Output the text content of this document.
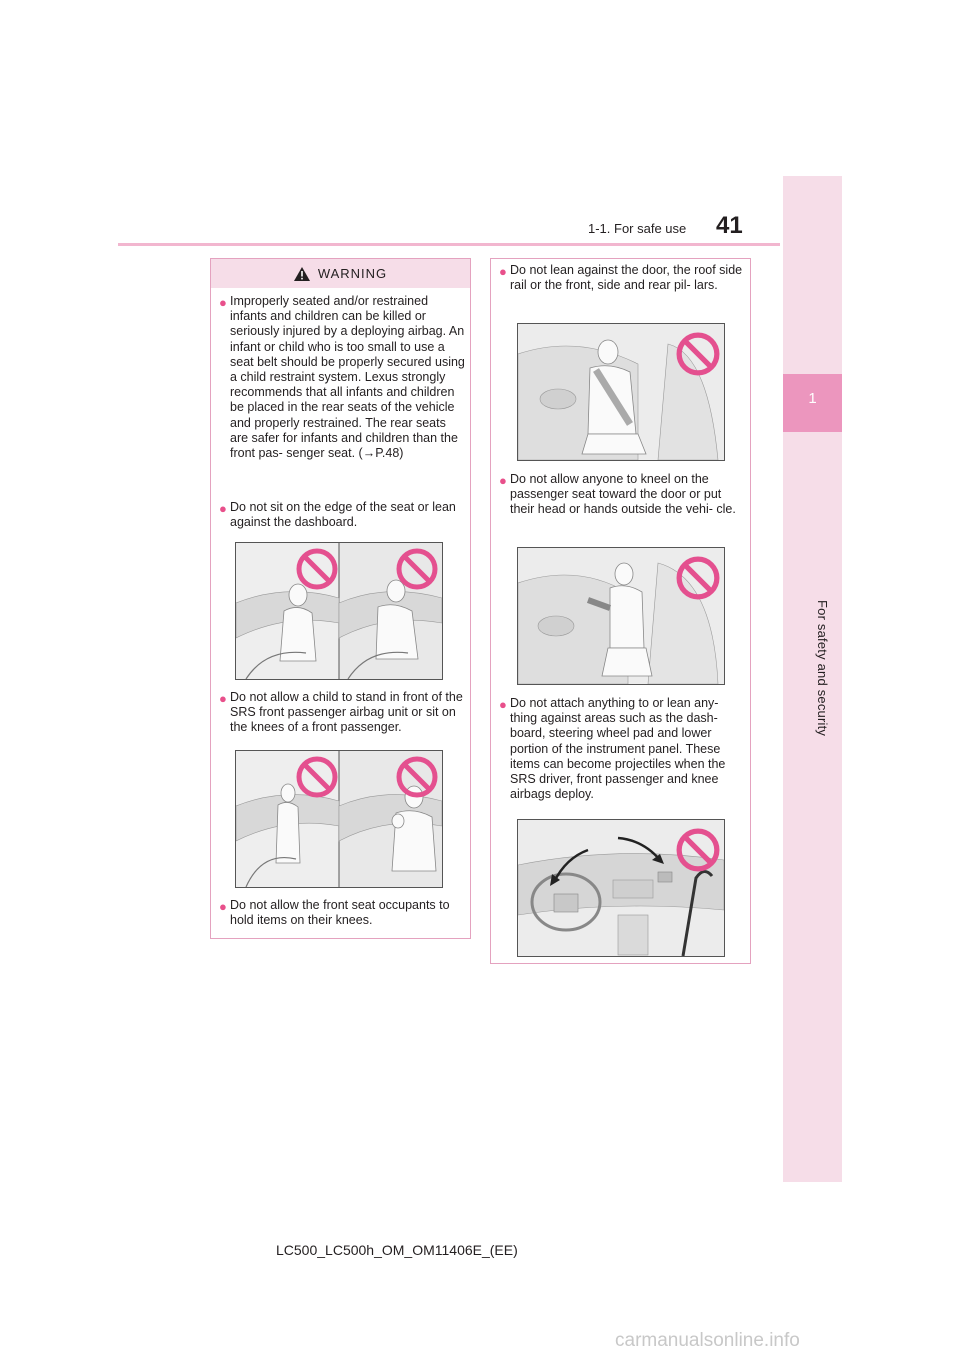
1-1. For safe use 41
1
For safety and security
WARNING
● Improperly seated and/or restrained infants and children can be killed or seriously injured by a deploying airbag. An infant or child who is too small to use a seat belt should be properly secured using a child restraint system. Lexus strongly recommends that all infants and children be placed in the rear seats of the vehicle and properly restrained. The rear seats are safer for infants and children than the front pas- senger seat. (→P.48)
● Do not sit on the edge of the seat or lean against the dashboard.
● Do not allow a child to stand in front of the SRS front passenger airbag unit or sit on the knees of a front passenger.
● Do not allow the front seat occupants to hold items on their knees.
● Do not lean against the door, the roof side rail or the front, side and rear pil- lars.
● Do not allow anyone to kneel on the passenger seat toward the door or put their head or hands outside the vehi- cle.
● Do not attach anything to or lean any- thing against areas such as the dash- board, steering wheel pad and lower portion of the instrument panel. These items can become projectiles when the SRS driver, front passenger and knee airbags deploy.
LC500_LC500h_OM_OM11406E_(EE)
carmanualsonline.info
